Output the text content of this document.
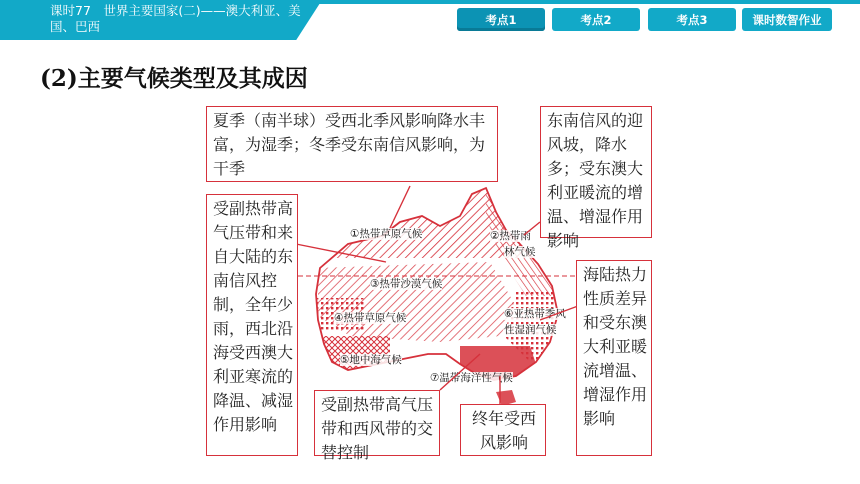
课时77　世界主要国家(二)——澳大利亚、美国、巴西	考点1	考点2	考点3	课时数智作业
(2)主要气候类型及其成因
①热带草原气候	②热带雨
林气候
③热带沙漠气候
④热带草原气候
⑤地中海气候
⑥亚热带季风
性湿润气候
⑦温带海洋性气候
夏季（南半球）受西北季风影响降水丰富，为湿季；冬季受东南信风影响，为干季
东南信风的迎风坡，降水多；受东澳大利亚暖流的增温、增湿作用影响
受副热带高气压带和来自大陆的东南信风控制，全年少雨，西北沿海受西澳大利亚寒流的降温、减湿作用影响
受副热带高气压带和西风带的交替控制
终年受西风影响
海陆热力性质差异和受东澳大利亚暖流增温、增湿作用影响
